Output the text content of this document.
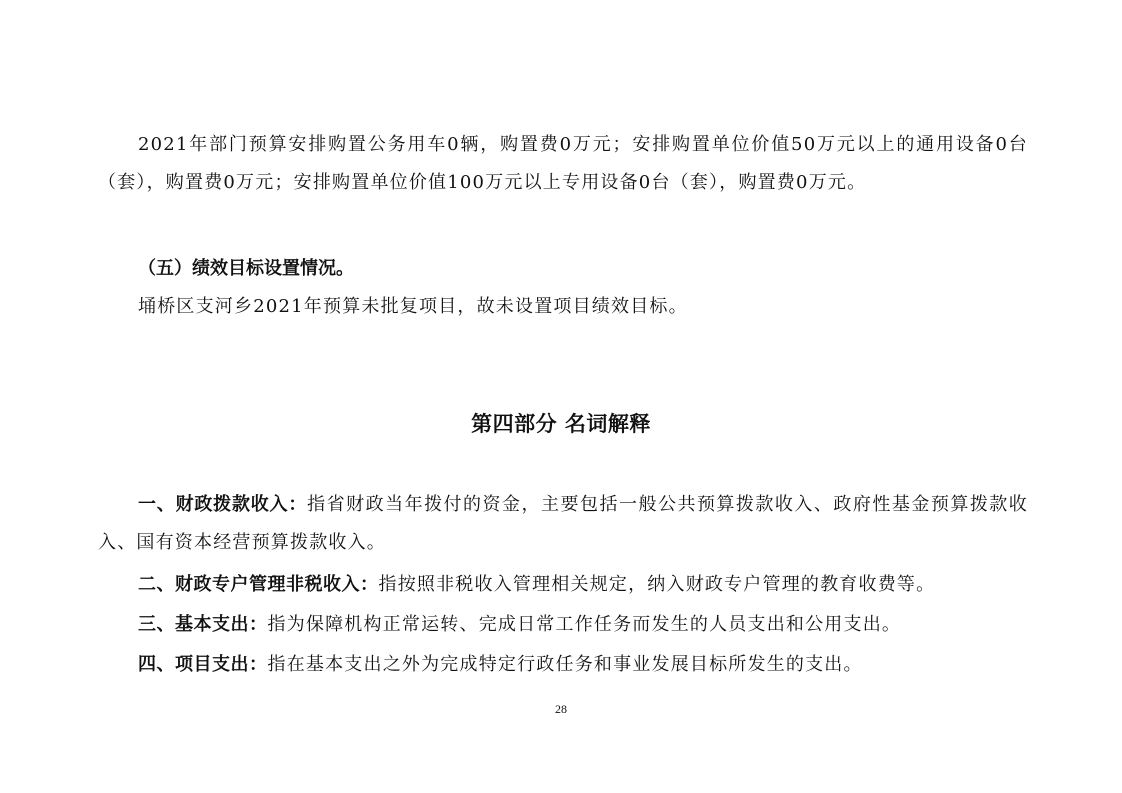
2021年部门预算安排购置公务用车0辆，购置费0万元；安排购置单位价值50万元以上的通用设备0台（套），购置费0万元；安排购置单位价值100万元以上专用设备0台（套），购置费0万元。

（五）绩效目标设置情况。

埇桥区支河乡2021年预算未批复项目，故未设置项目绩效目标。

第四部分 名词解释

一、财政拨款收入：指省财政当年拨付的资金，主要包括一般公共预算拨款收入、政府性基金预算拨款收入、国有资本经营预算拨款收入。

二、财政专户管理非税收入：指按照非税收入管理相关规定，纳入财政专户管理的教育收费等。

三、基本支出：指为保障机构正常运转、完成日常工作任务而发生的人员支出和公用支出。

四、项目支出：指在基本支出之外为完成特定行政任务和事业发展目标所发生的支出。

28
